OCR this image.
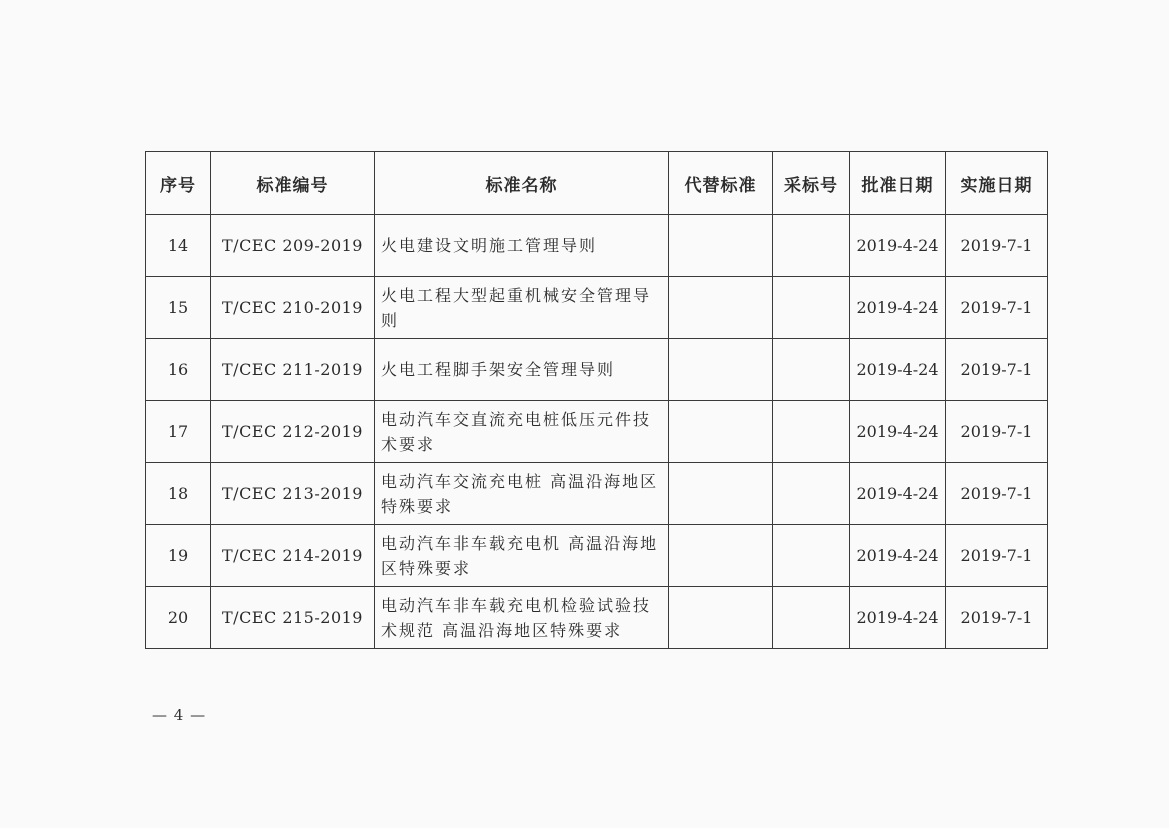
序号	标准编号	标准名称	代替标准	采标号	批准日期	实施日期
14	T/CEC 209-2019	火电建设文明施工管理导则			2019-4-24	2019-7-1
15	T/CEC 210-2019	火电工程大型起重机械安全管理导则			2019-4-24	2019-7-1
16	T/CEC 211-2019	火电工程脚手架安全管理导则			2019-4-24	2019-7-1
17	T/CEC 212-2019	电动汽车交直流充电桩低压元件技术要求			2019-4-24	2019-7-1
18	T/CEC 213-2019	电动汽车交流充电桩 高温沿海地区特殊要求			2019-4-24	2019-7-1
19	T/CEC 214-2019	电动汽车非车载充电机 高温沿海地区特殊要求			2019-4-24	2019-7-1
20	T/CEC 215-2019	电动汽车非车载充电机检验试验技术规范 高温沿海地区特殊要求			2019-4-24	2019-7-1
— 4 —
